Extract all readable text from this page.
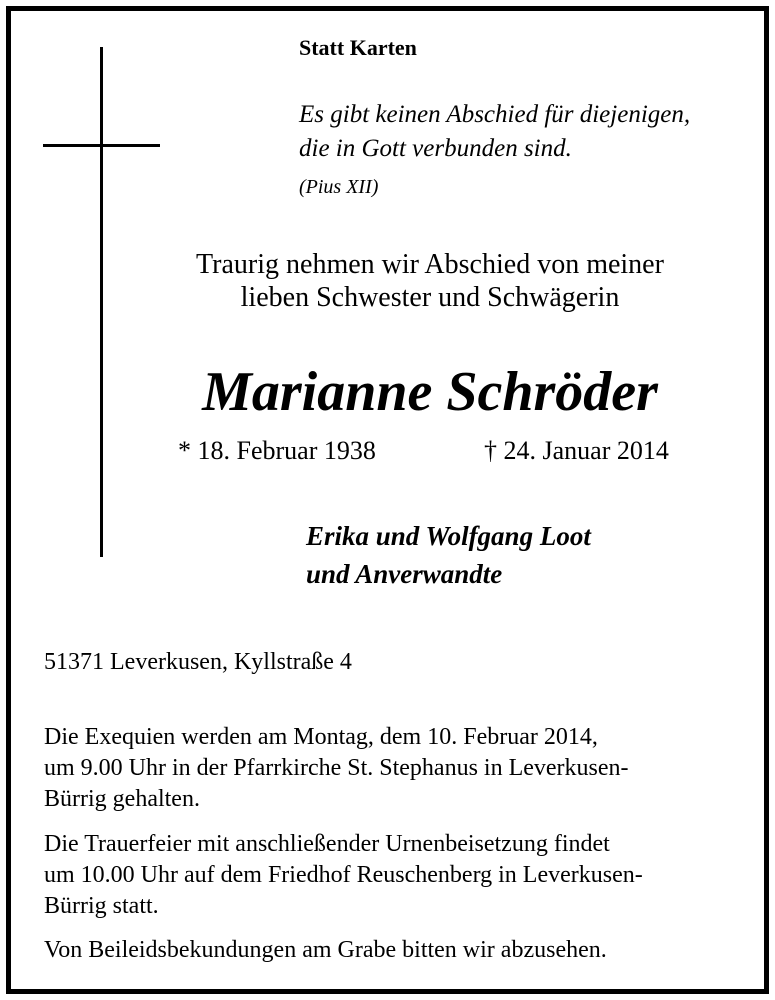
Statt Karten
Es gibt keinen Abschied für diejenigen,
die in Gott verbunden sind.
(Pius XII)
Traurig nehmen wir Abschied von meiner
lieben Schwester und Schwägerin
Marianne Schröder
* 18. Februar 1938	† 24. Januar 2014
Erika und Wolfgang Loot
und Anverwandte
51371 Leverkusen, Kyllstraße 4
Die Exequien werden am Montag, dem 10. Februar 2014,
um 9.00 Uhr in der Pfarrkirche St. Stephanus in Leverkusen-
Bürrig gehalten.
Die Trauerfeier mit anschließender Urnenbeisetzung findet
um 10.00 Uhr auf dem Friedhof Reuschenberg in Leverkusen-
Bürrig statt.
Von Beileidsbekundungen am Grabe bitten wir abzusehen.
